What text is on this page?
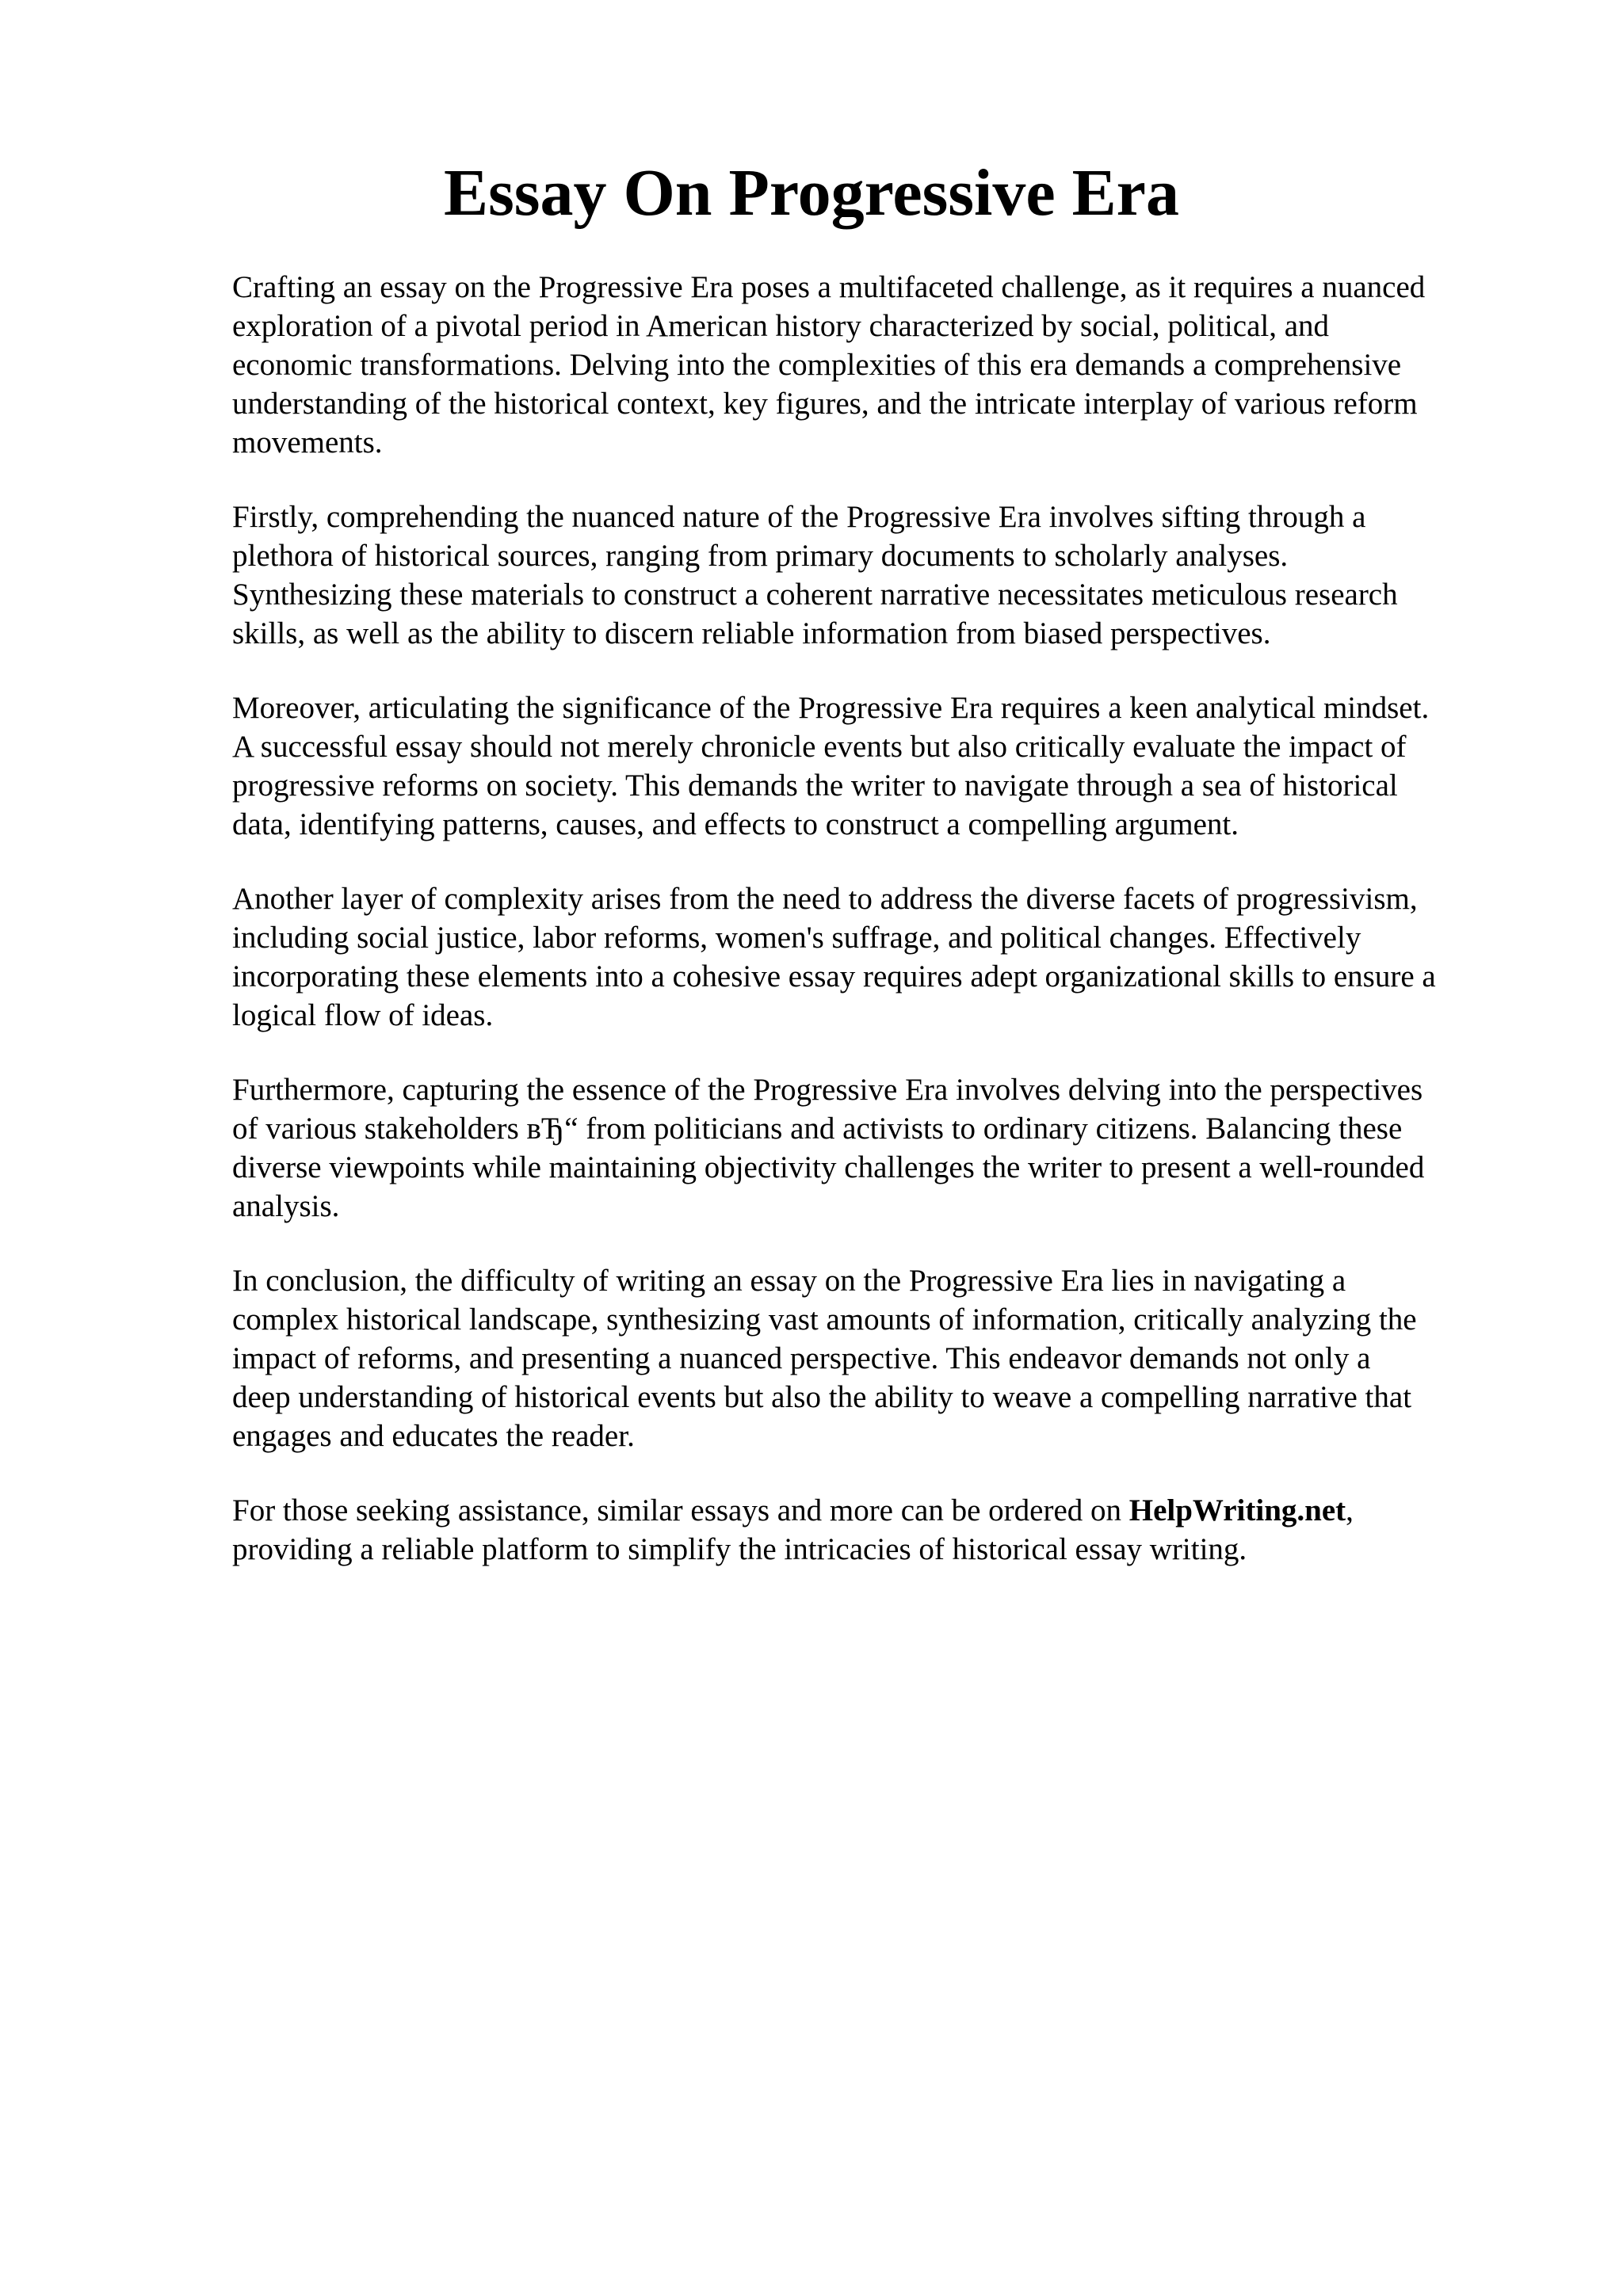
Essay On Progressive Era

Crafting an essay on the Progressive Era poses a multifaceted challenge, as it requires a nuanced
exploration of a pivotal period in American history characterized by social, political, and
economic transformations. Delving into the complexities of this era demands a comprehensive
understanding of the historical context, key figures, and the intricate interplay of various reform
movements.

Firstly, comprehending the nuanced nature of the Progressive Era involves sifting through a
plethora of historical sources, ranging from primary documents to scholarly analyses.
Synthesizing these materials to construct a coherent narrative necessitates meticulous research
skills, as well as the ability to discern reliable information from biased perspectives.

Moreover, articulating the significance of the Progressive Era requires a keen analytical mindset.
A successful essay should not merely chronicle events but also critically evaluate the impact of
progressive reforms on society. This demands the writer to navigate through a sea of historical
data, identifying patterns, causes, and effects to construct a compelling argument.

Another layer of complexity arises from the need to address the diverse facets of progressivism,
including social justice, labor reforms, women's suffrage, and political changes. Effectively
incorporating these elements into a cohesive essay requires adept organizational skills to ensure a
logical flow of ideas.

Furthermore, capturing the essence of the Progressive Era involves delving into the perspectives
of various stakeholders вЂ“ from politicians and activists to ordinary citizens. Balancing these
diverse viewpoints while maintaining objectivity challenges the writer to present a well-rounded
analysis.

In conclusion, the difficulty of writing an essay on the Progressive Era lies in navigating a
complex historical landscape, synthesizing vast amounts of information, critically analyzing the
impact of reforms, and presenting a nuanced perspective. This endeavor demands not only a
deep understanding of historical events but also the ability to weave a compelling narrative that
engages and educates the reader.

For those seeking assistance, similar essays and more can be ordered on HelpWriting.net,
providing a reliable platform to simplify the intricacies of historical essay writing.
